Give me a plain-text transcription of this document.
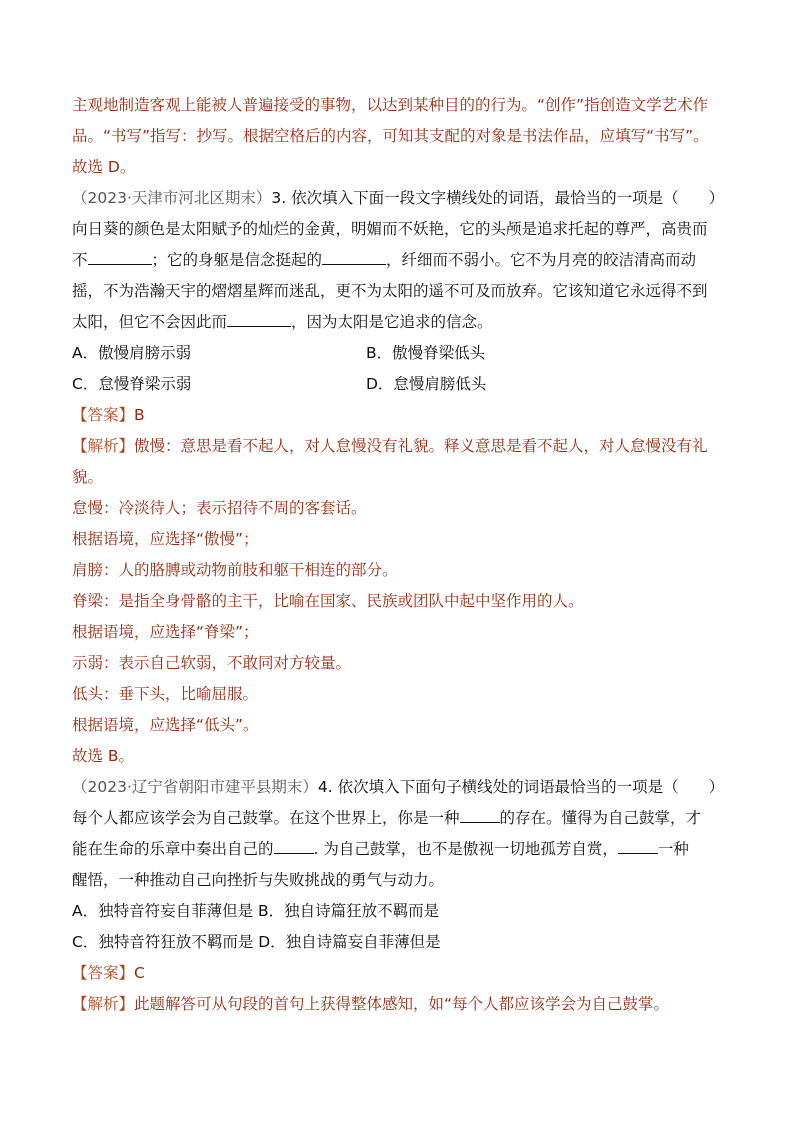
主观地制造客观上能被人普遍接受的事物，以达到某种目的的行为。“创作”指创造文学艺术作
品。“书写”指写：抄写。根据空格后的内容，可知其支配的对象是书法作品，应填写“书写”。
故选 D。
（2023·天津市河北区期末）3. 依次填入下面一段文字横线处的词语，最恰当的一项是（ ）
向日葵的颜色是太阳赋予的灿烂的金黄，明媚而不妖艳，它的头颅是追求托起的尊严，高贵而
不	；它的身躯是信念挺起的	，纤细而不弱小。它不为月亮的皎洁清高而动
摇，不为浩瀚天宇的熠熠星辉而迷乱，更不为太阳的遥不可及而放弃。它该知道它永远得不到
太阳，但它不会因此而	，因为太阳是它追求的信念。
A．傲慢肩膀示弱	B．傲慢脊梁低头
C．怠慢脊梁示弱	D．怠慢肩膀低头
【答案】B
【解析】傲慢：意思是看不起人，对人怠慢没有礼貌。释义意思是看不起人，对人怠慢没有礼
貌。
怠慢：冷淡待人；表示招待不周的客套话。
根据语境，应选择“傲慢”；
肩膀：人的胳膊或动物前肢和躯干相连的部分。
脊梁：是指全身骨骼的主干，比喻在国家、民族或团队中起中坚作用的人。
根据语境，应选择“脊梁”；
示弱：表示自己软弱，不敢同对方较量。
低头：垂下头，比喻屈服。
根据语境，应选择“低头”。
故选 B。
（2023·辽宁省朝阳市建平县期末）4. 依次填入下面句子横线处的词语最恰当的一项是（ ）
每个人都应该学会为自己鼓掌。在这个世界上，你是一种	的存在。懂得为自己鼓掌，才
能在生命的乐章中奏出自己的	. 为自己鼓掌，也不是傲视一切地孤芳自赏，	一种
醒悟，一种推动自己向挫折与失败挑战的勇气与动力。
A．独特音符妄自菲薄但是 B．独自诗篇狂放不羁而是
C．独特音符狂放不羁而是 D．独自诗篇妄自菲薄但是
【答案】C
【解析】此题解答可从句段的首句上获得整体感知，如“每个人都应该学会为自己鼓掌。
